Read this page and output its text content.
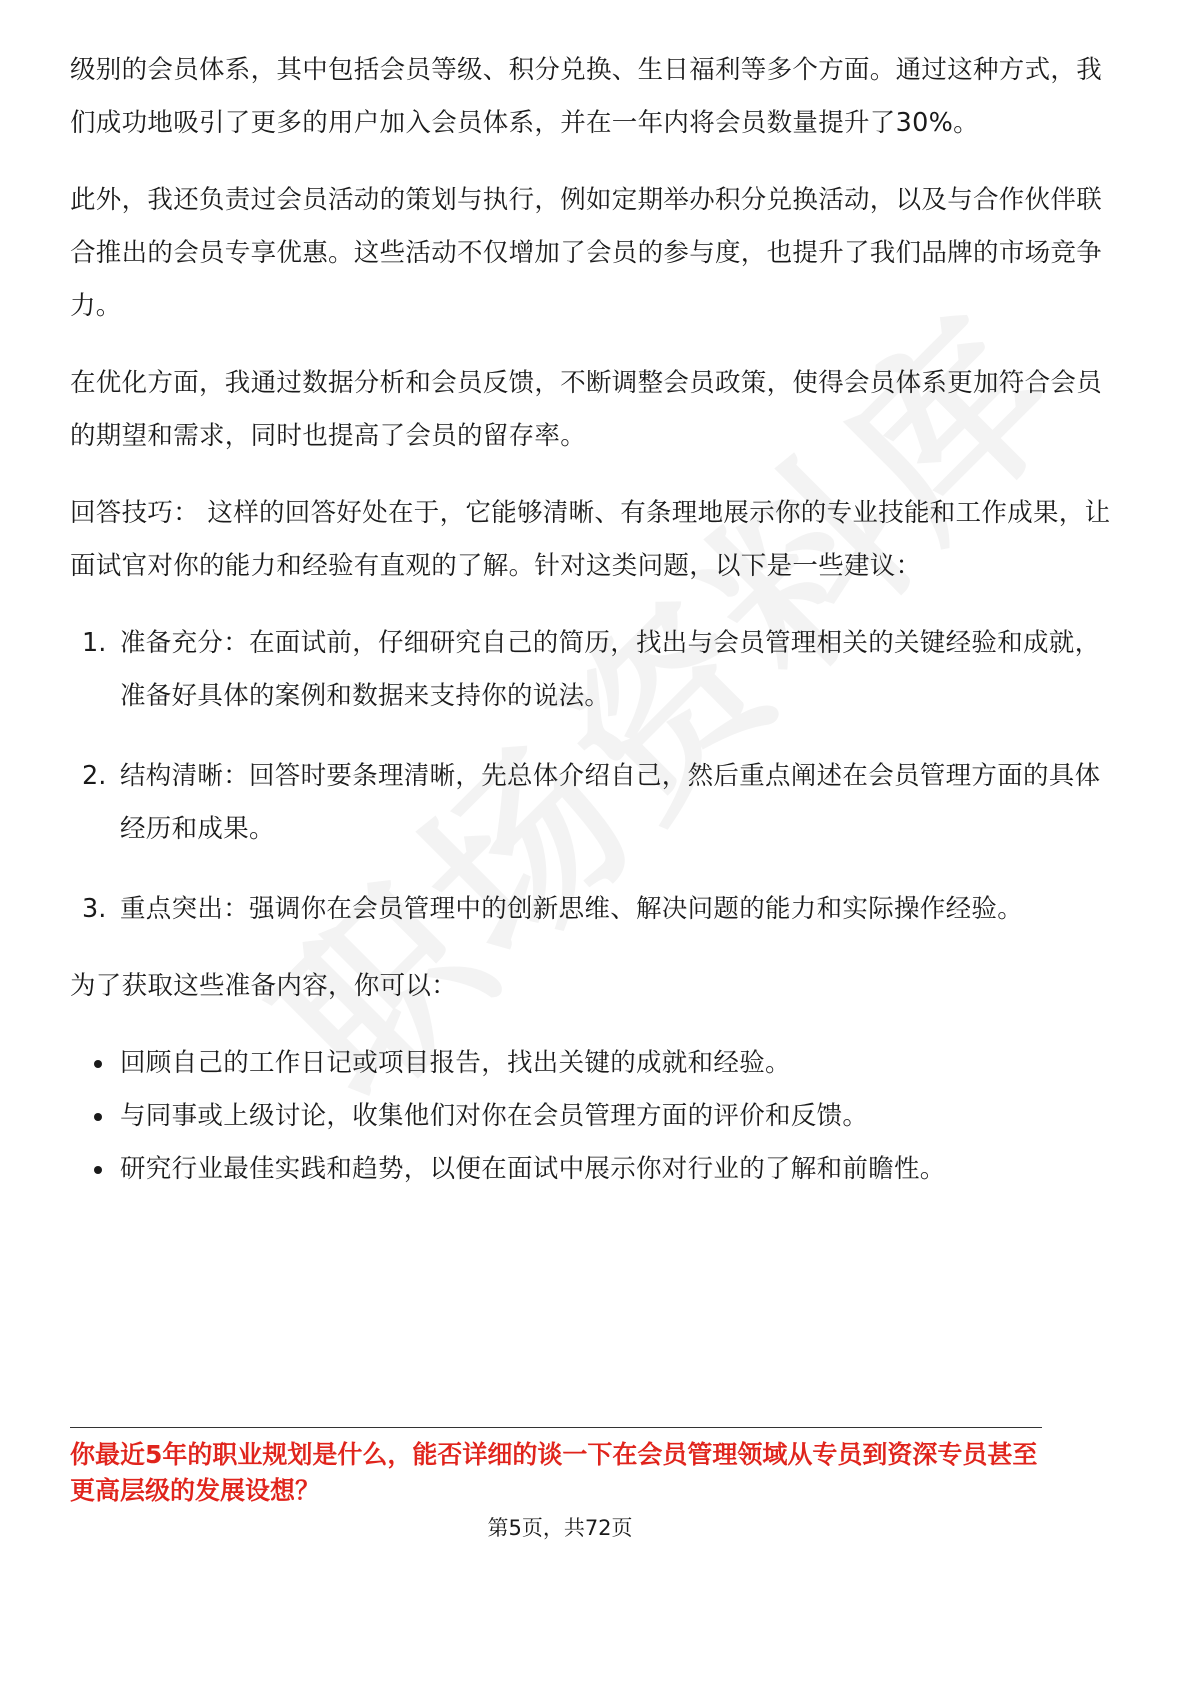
级别的会员体系，其中包括会员等级、积分兑换、生日福利等多个方面。通过这种方式，我们成功地吸引了更多的用户加入会员体系，并在一年内将会员数量提升了30%。

此外，我还负责过会员活动的策划与执行，例如定期举办积分兑换活动，以及与合作伙伴联合推出的会员专享优惠。这些活动不仅增加了会员的参与度，也提升了我们品牌的市场竞争力。

在优化方面，我通过数据分析和会员反馈，不断调整会员政策，使得会员体系更加符合会员的期望和需求，同时也提高了会员的留存率。

回答技巧： 这样的回答好处在于，它能够清晰、有条理地展示你的专业技能和工作成果，让面试官对你的能力和经验有直观的了解。针对这类问题，以下是一些建议：

1. 准备充分：在面试前，仔细研究自己的简历，找出与会员管理相关的关键经验和成就，准备好具体的案例和数据来支持你的说法。
2. 结构清晰：回答时要条理清晰，先总体介绍自己，然后重点阐述在会员管理方面的具体经历和成果。
3. 重点突出：强调你在会员管理中的创新思维、解决问题的能力和实际操作经验。

为了获取这些准备内容，你可以：

回顾自己的工作日记或项目报告，找出关键的成就和经验。
与同事或上级讨论，收集他们对你在会员管理方面的评价和反馈。
研究行业最佳实践和趋势，以便在面试中展示你对行业的了解和前瞻性。
你最近5年的职业规划是什么，能否详细的谈一下在会员管理领域从专员到资深专员甚至更高层级的发展设想？
第5页，共72页
